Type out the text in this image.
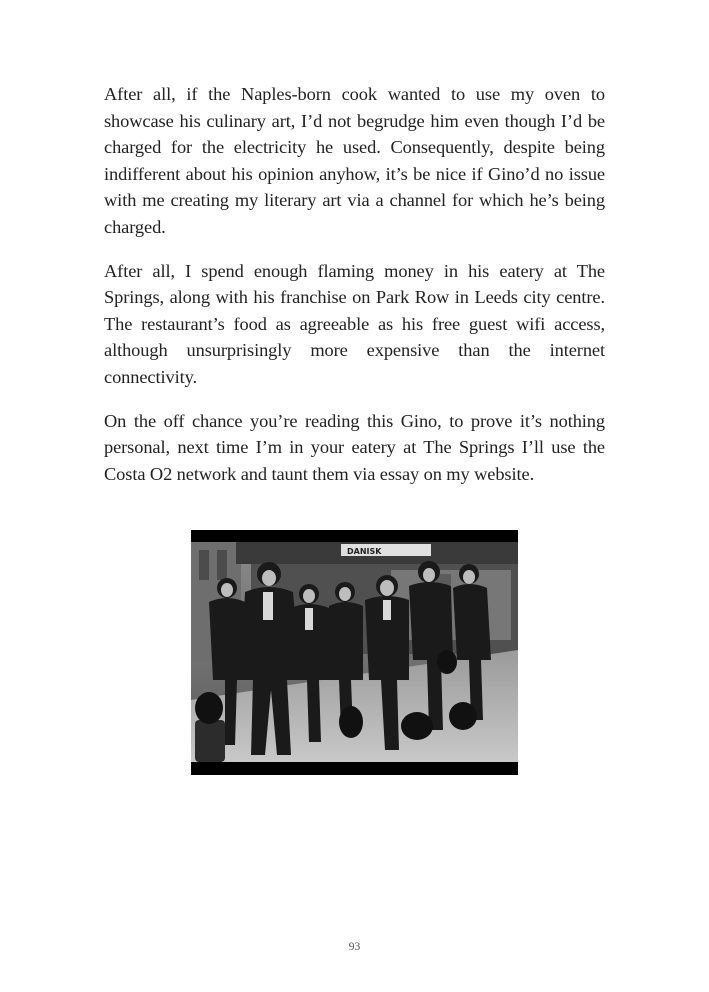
After all, if the Naples-born cook wanted to use my oven to showcase his culinary art, I’d not begrudge him even though I’d be charged for the electricity he used. Consequently, despite being indifferent about his opinion anyhow, it’s be nice if Gino’d no issue with me creating my literary art via a channel for which he’s being charged.

After all, I spend enough flaming money in his eatery at The Springs, along with his franchise on Park Row in Leeds city centre. The restaurant’s food as agreeable as his free guest wifi access, although unsurprisingly more expensive than the internet connectivity.

On the off chance you’re reading this Gino, to prove it’s nothing personal, next time I’m in your eatery at The Springs I’ll use the Costa O2 network and taunt them via essay on my website.

DANISK
93
